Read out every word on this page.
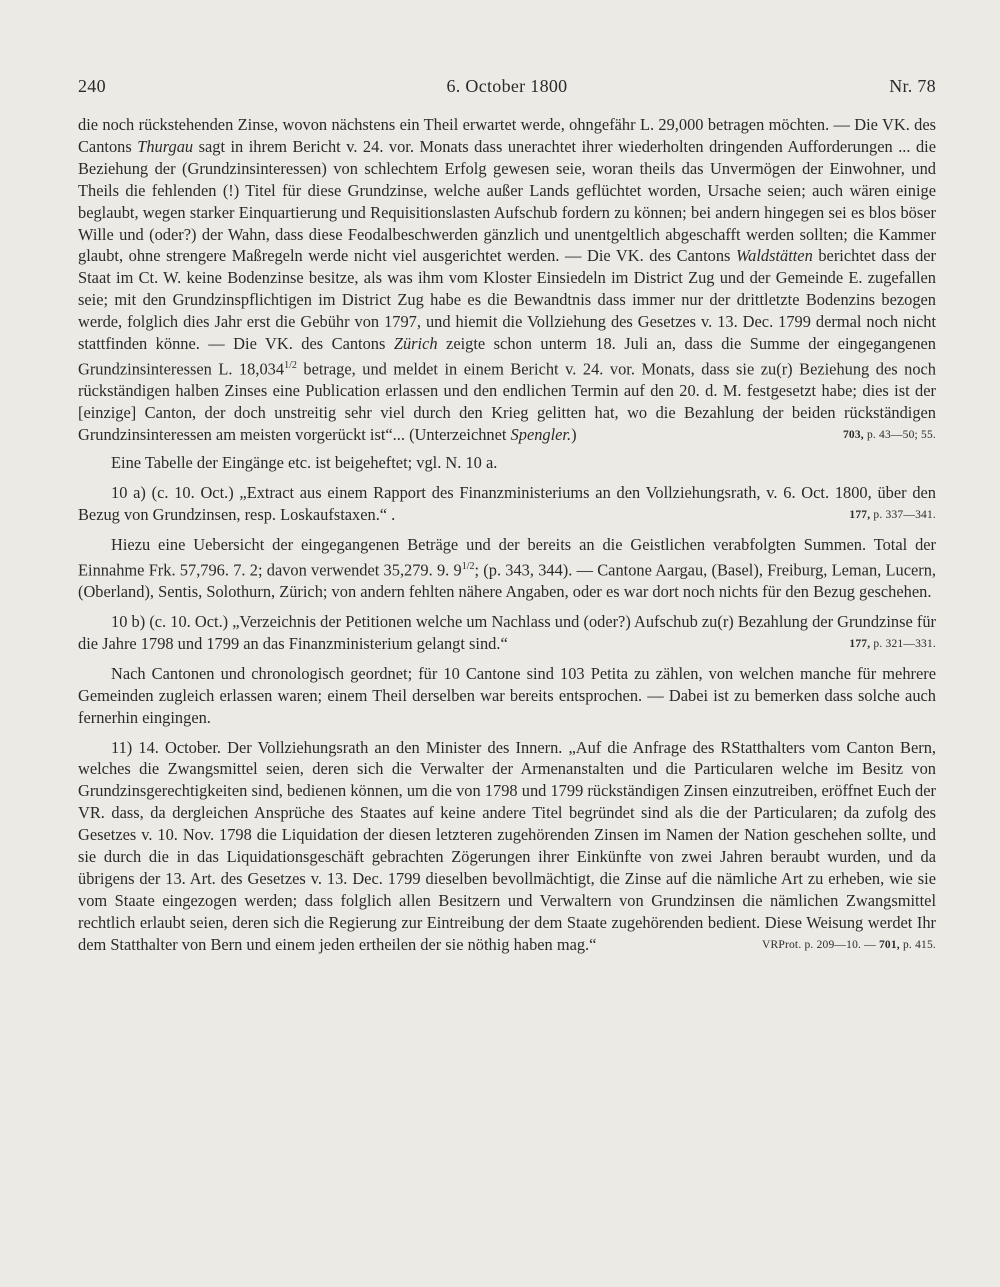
240	6. October 1800	Nr. 78

die noch rückstehenden Zinse, wovon nächstens ein Theil erwartet werde, ohngefähr L. 29,000 betragen möchten. — Die VK. des Cantons Thurgau sagt in ihrem Bericht v. 24. vor. Monats dass unerachtet ihrer wiederholten dringenden Aufforderungen ... die Beziehung der (Grundzinsinteressen) von schlechtem Erfolg gewesen seie, woran theils das Unvermögen der Einwohner, und Theils die fehlenden (!) Titel für diese Grundzinse, welche außer Lands geflüchtet worden, Ursache seien; auch wären einige beglaubt, wegen starker Einquartierung und Requisitionslasten Aufschub fordern zu können; bei andern hingegen sei es blos böser Wille und (oder?) der Wahn, dass diese Feodalbeschwerden gänzlich und unentgeltlich abgeschafft werden sollten; die Kammer glaubt, ohne strengere Maßregeln werde nicht viel ausgerichtet werden. — Die VK. des Cantons Waldstätten berichtet dass der Staat im Ct. W. keine Bodenzinse besitze, als was ihm vom Kloster Einsiedeln im District Zug und der Gemeinde E. zugefallen seie; mit den Grundzinspflichtigen im District Zug habe es die Bewandtnis dass immer nur der drittletzte Bodenzins bezogen werde, folglich dies Jahr erst die Gebühr von 1797, und hiemit die Vollziehung des Gesetzes v. 13. Dec. 1799 dermal noch nicht stattfinden könne. — Die VK. des Cantons Zürich zeigte schon unterm 18. Juli an, dass die Summe der eingegangenen Grundzinsinteressen L. $18,034^{1/2}$ betrage, und meldet in einem Bericht v. 24. vor. Monats, dass sie zu(r) Beziehung des noch rückständigen halben Zinses eine Publication erlassen und den endlichen Termin auf den 20. d. M. festgesetzt habe; dies ist der [einzige] Canton, der doch unstreitig sehr viel durch den Krieg gelitten hat, wo die Bezahlung der beiden rückständigen Grundzinsinteressen am meisten vorgerückt ist“... (Unterzeichnet Spengler.)	703, p. 43—50; 55.

Eine Tabelle der Eingänge etc. ist beigeheftet; vgl. N. 10 a.

10 a) (c. 10. Oct.) „Extract aus einem Rapport des Finanzministeriums an den Vollziehungsrath, v. 6. Oct. 1800, über den Bezug von Grundzinsen, resp. Loskaufstaxen.“ .	177, p. 337—341.

Hiezu eine Uebersicht der eingegangenen Beträge und der bereits an die Geistlichen verabfolgten Summen. Total der Einnahme Frk. 57,796. 7. 2; davon verwendet 35,279. 9. $9^{1/2}$; (p. 343, 344). — Cantone Aargau, (Basel), Freiburg, Leman, Lucern, (Oberland), Sentis, Solothurn, Zürich; von andern fehlten nähere Angaben, oder es war dort noch nichts für den Bezug geschehen.

10 b) (c. 10. Oct.) „Verzeichnis der Petitionen welche um Nachlass und (oder?) Aufschub zu(r) Bezahlung der Grundzinse für die Jahre 1798 und 1799 an das Finanzministerium gelangt sind.“	177, p. 321—331.

Nach Cantonen und chronologisch geordnet; für 10 Cantone sind 103 Petita zu zählen, von welchen manche für mehrere Gemeinden zugleich erlassen waren; einem Theil derselben war bereits entsprochen. — Dabei ist zu bemerken dass solche auch fernerhin eingingen.

11) 14. October. Der Vollziehungsrath an den Minister des Innern. „Auf die Anfrage des RStatthalters vom Canton Bern, welches die Zwangsmittel seien, deren sich die Verwalter der Armenanstalten und die Particularen welche im Besitz von Grundzinsgerechtigkeiten sind, bedienen können, um die von 1798 und 1799 rückständigen Zinsen einzutreiben, eröffnet Euch der VR. dass, da dergleichen Ansprüche des Staates auf keine andere Titel begründet sind als die der Particularen; da zufolg des Gesetzes v. 10. Nov. 1798 die Liquidation der diesen letzteren zugehörenden Zinsen im Namen der Nation geschehen sollte, und sie durch die in das Liquidationsgeschäft gebrachten Zögerungen ihrer Einkünfte von zwei Jahren beraubt wurden, und da übrigens der 13. Art. des Gesetzes v. 13. Dec. 1799 dieselben bevollmächtigt, die Zinse auf die nämliche Art zu erheben, wie sie vom Staate eingezogen werden; dass folglich allen Besitzern und Verwaltern von Grundzinsen die nämlichen Zwangsmittel rechtlich erlaubt seien, deren sich die Regierung zur Eintreibung der dem Staate zugehörenden bedient. Diese Weisung werdet Ihr dem Statthalter von Bern und einem jeden ertheilen der sie nöthig haben mag.“	VRProt. p. 209—10. — 701, p. 415.
